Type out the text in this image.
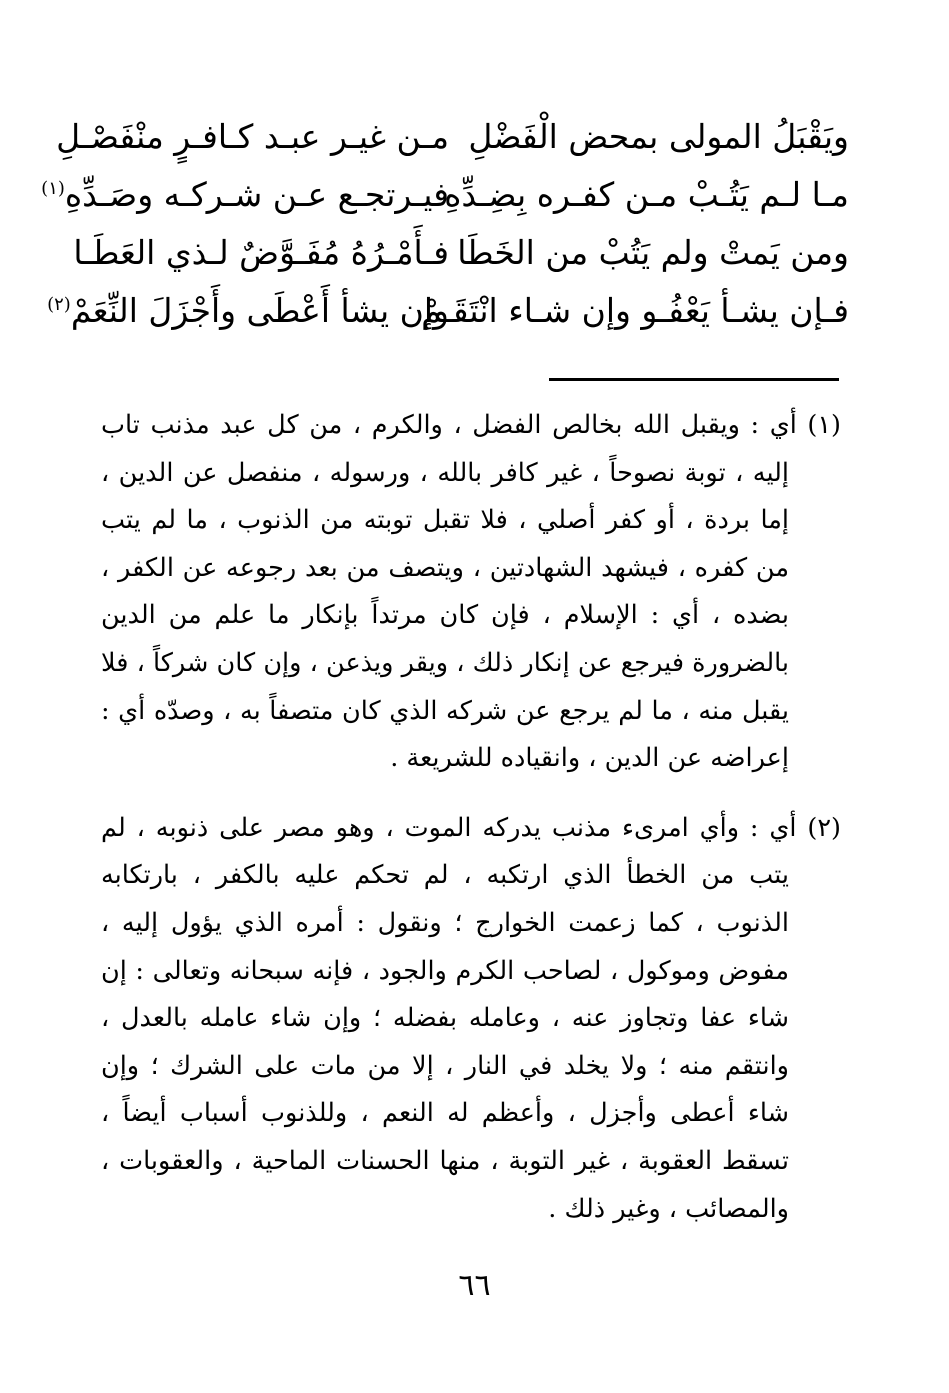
ويَقْبَلُ المولى بمحض الْفَضْلِ
مـن غيـر عبـد كـافـرٍ منْفَصْـلِ
مـا لـم يَتُـبْ مـن كفـره بِضِـدِّهِ
فيـرتجـع عـن شـركـه وصَـدِّهِ$^{(١)}$
ومن يَمتْ ولم يَتُبْ من الخَطَا
فـأَمْـرُهُ مُفَـوَّضٌ لـذي العَطَـا
فـإن يشـأ يَعْفُـو وإن شـاء انْتَقَـمْ
وإن يشأ أَعْطَى وأَجْزَلَ النِّعَمْ$^{(٢)}$
(١) أي : ويقبل الله بخالص الفضل ، والكرم ، من كل عبد مذنب تاب
إليه ، توبة نصوحاً ، غير كافر بالله ، ورسوله ، منفصل عن الدين ، إما بردة ، أو كفر أصلي ، فلا تقبل توبته من الذنوب ، ما لم يتب من كفره ، فيشهد الشهادتين ، ويتصف من بعد رجوعه عن الكفر ، بضده ، أي : الإسلام ، فإن كان مرتداً بإنكار ما علم من الدين بالضرورة فيرجع عن إنكار ذلك ، ويقر ويذعن ، وإن كان شركاً ، فلا يقبل منه ، ما لم يرجع عن شركه الذي كان متصفاً به ، وصدّه أي : إعراضه عن الدين ، وانقياده للشريعة .
(٢) أي : وأي امرىء مذنب يدركه الموت ، وهو مصر على ذنوبه ، لم
يتب من الخطأ الذي ارتكبه ، لم تحكم عليه بالكفر ، بارتكابه الذنوب ، كما زعمت الخوارج ؛ ونقول : أمره الذي يؤول إليه ، مفوض وموكول ، لصاحب الكرم والجود ، فإنه سبحانه وتعالى : إن شاء عفا وتجاوز عنه ، وعامله بفضله ؛ وإن شاء عامله بالعدل ، وانتقم منه ؛ ولا يخلد في النار ، إلا من مات على الشرك ؛ وإن شاء أعطى وأجزل ، وأعظم له النعم ، وللذنوب أسباب أيضاً ، تسقط العقوبة ، غير التوبة ، منها الحسنات الماحية ، والعقوبات ، والمصائب ، وغير ذلك .
٦٦
